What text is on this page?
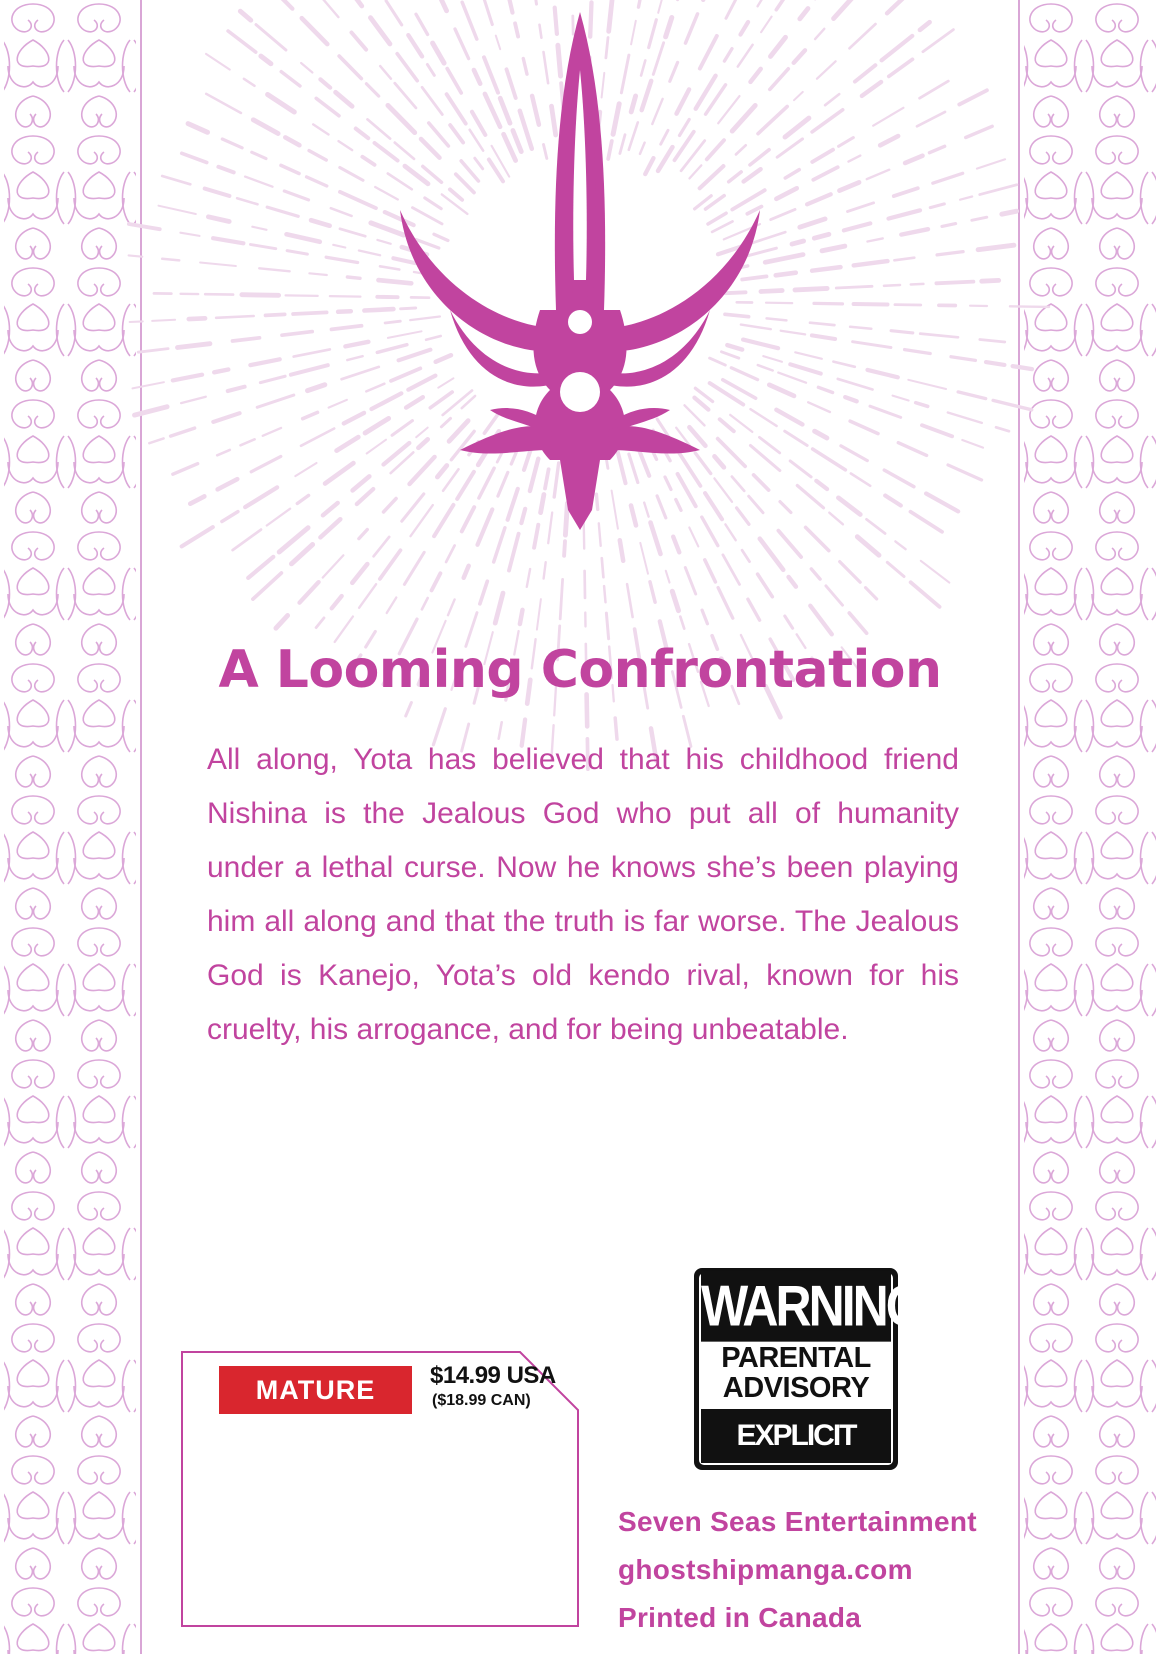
A Looming Confrontation

All along, Yota has believed that his childhood friend Nishina is the Jealous God who put all of humanity under a lethal curse. Now he knows she’s been playing him all along and that the truth is far worse. The Jealous God is Kanejo, Yota’s old kendo rival, known for his cruelty, his arrogance, and for being unbeatable.

MATURE	$14.99 USA
($18.99 CAN)
WARNING
PARENTAL
ADVISORY
EXPLICIT CONTENT
Seven Seas Entertainment
ghostshipmanga.com
Printed in Canada
